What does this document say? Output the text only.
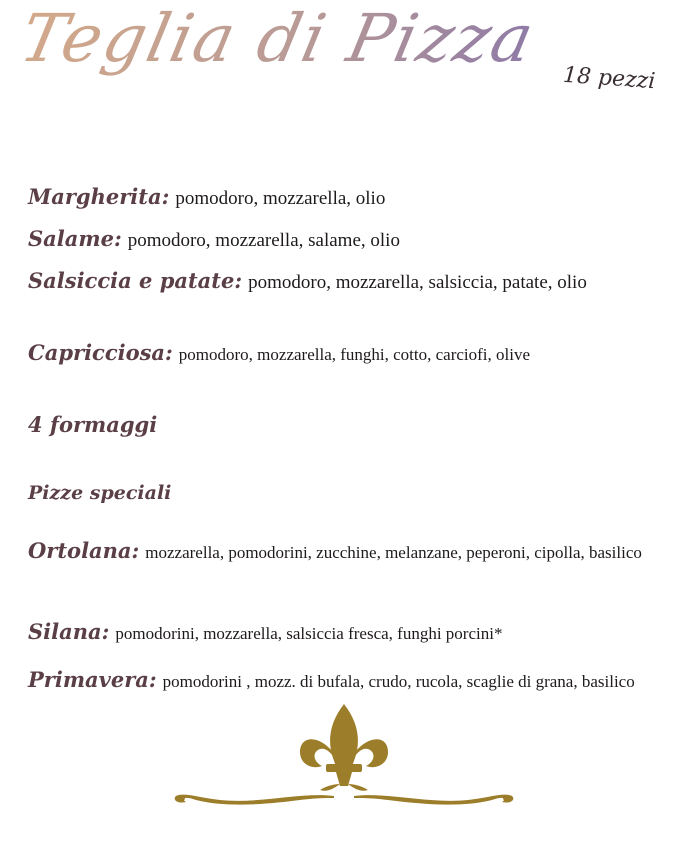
Teglia di Pizza
18 pezzi
Margherita: pomodoro, mozzarella, olio
Salame: pomodoro, mozzarella, salame, olio
Salsiccia e patate: pomodoro, mozzarella, salsiccia, patate, olio
Capricciosa: pomodoro, mozzarella, funghi, cotto, carciofi, olive
4 formaggi
Pizze speciali
Ortolana: mozzarella, pomodorini, zucchine, melanzane, peperoni, cipolla, basilico
Silana: pomodorini, mozzarella, salsiccia fresca, funghi porcini*
Primavera: pomodorini , mozz. di bufala, crudo, rucola, scaglie di grana, basilico
